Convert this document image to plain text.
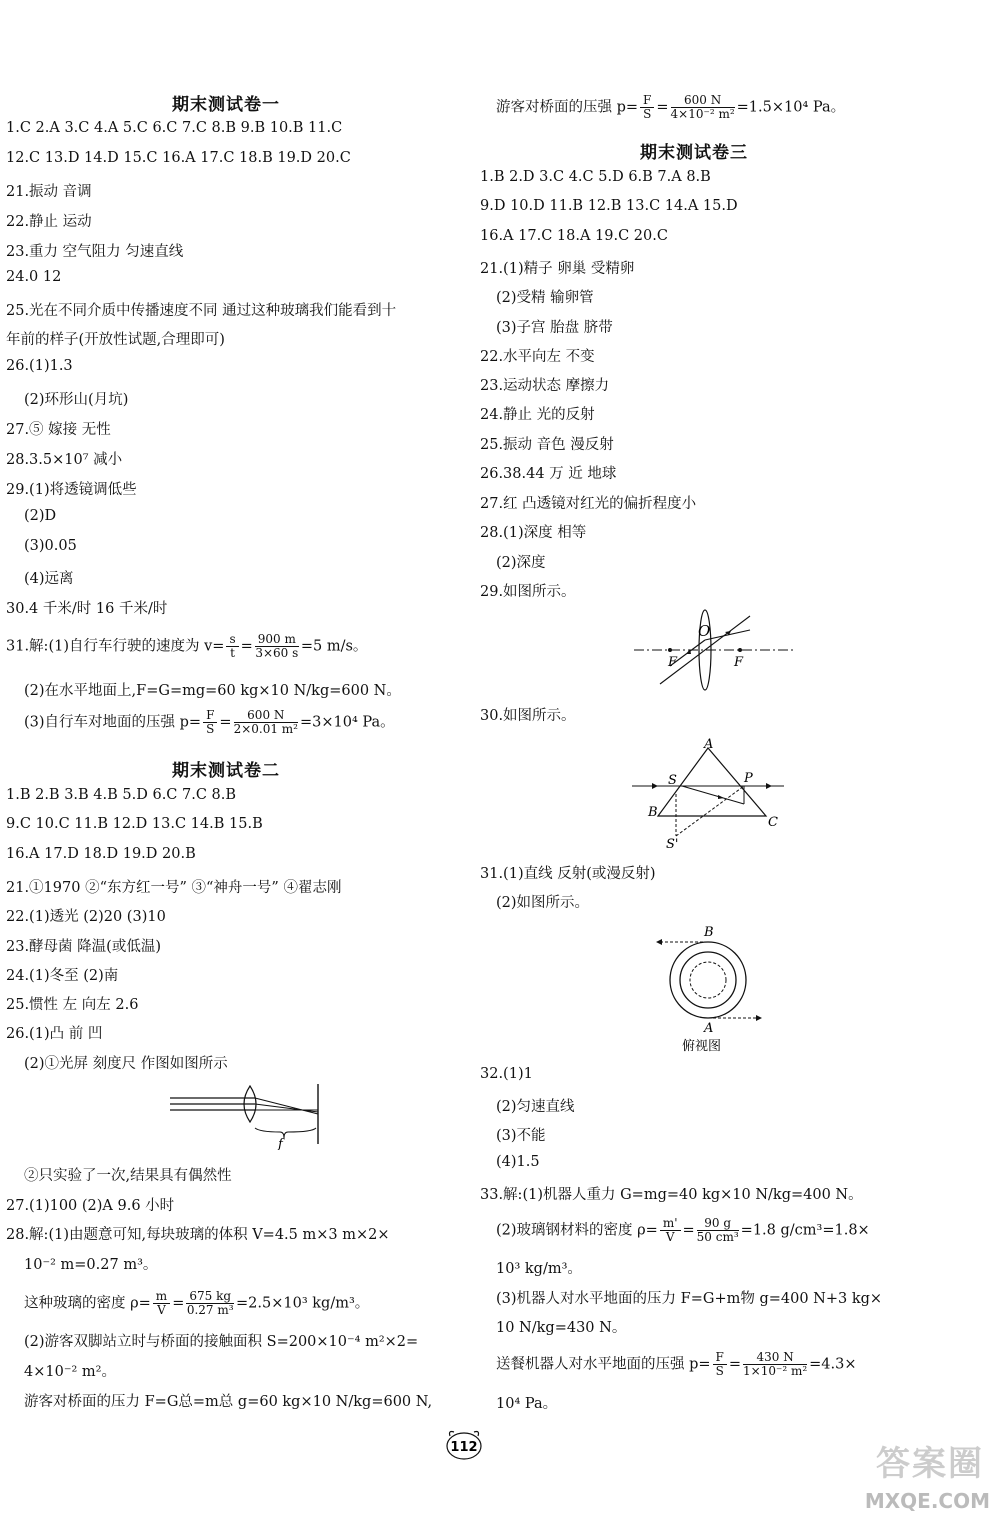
期末测试卷一
1.C 2.A 3.C 4.A 5.C 6.C 7.C 8.B 9.B 10.B 11.C
12.C 13.D 14.D 15.C 16.A 17.C 18.B 19.D 20.C
21.振动 音调
22.静止 运动
23.重力 空气阻力 匀速直线
24.0 12
25.光在不同介质中传播速度不同 通过这种玻璃我们能看到十
年前的样子(开放性试题,合理即可)
26.(1)1.3
(2)环形山(月坑)
27.⑤ 嫁接 无性
28.3.5×10⁷ 减小
29.(1)将透镜调低些
(2)D
(3)0.05
(4)远离
30.4 千米/时 16 千米/时
31.解:(1)自行车行驶的速度为 $v= \frac{s}{t} = \frac{900 m}{3\times 60 s} =5$ m/s。
(2)在水平地面上,F=G=mg=60 kg×10 N/kg=600 N。
(3)自行车对地面的压强 $p= \frac{F}{S} = \frac{600 N}{\text{2×0.01 m²}} =3\times 10^4$ Pa。
期末测试卷二
1.B 2.B 3.B 4.B 5.D 6.C 7.C 8.B
9.C 10.C 11.B 12.D 13.C 14.B 15.B
16.A 17.D 18.D 19.D 20.B
21.①1970 ②“东方红一号” ③“神舟一号” ④翟志刚
22.(1)透光 (2)20 (3)10
23.酵母菌 降温(或低温)
24.(1)冬至 (2)南
25.惯性 左 向左 2.6
26.(1)凸 前 凹
(2)①光屏 刻度尺 作图如图所示
f
②只实验了一次,结果具有偶然性
27.(1)100 (2)A 9.6 小时
28.解:(1)由题意可知,每块玻璃的体积 V=4.5 m×3 m×2×
10⁻² m=0.27 m³。
这种玻璃的密度 $\rho= \frac{m}{V} = \frac{675 kg}{\text{0.27 m³}} =2.5\times 10^3$ kg/m³。
(2)游客双脚站立时与桥面的接触面积 S=200×10⁻⁴ m²×2=
4×10⁻² m²。
游客对桥面的压力 F=G总=m总 g=60 kg×10 N/kg=600 N,
游客对桥面的压强 $p= \frac{F}{S} = \frac{600 N}{\text{4×10⁻² m²}} =1.5\times 10^4$ Pa。
期末测试卷三
1.B 2.D 3.C 4.C 5.D 6.B 7.A 8.B
9.D 10.D 11.B 12.B 13.C 14.A 15.D
16.A 17.C 18.A 19.C 20.C
21.(1)精子 卵巢 受精卵
(2)受精 输卵管
(3)子宫 胎盘 脐带
22.水平向左 不变
23.运动状态 摩擦力
24.静止 光的反射
25.振动 音色 漫反射
26.38.44 万 近 地球
27.红 凸透镜对红光的偏折程度小
28.(1)深度 相等
(2)深度
29.如图所示。
F
O
F
30.如图所示。
A
B
C
S	P
S'
31.(1)直线 反射(或漫反射)
(2)如图所示。
B
A
俯视图
32.(1)1
(2)匀速直线
(3)不能
(4)1.5
33.解:(1)机器人重力 G=mg=40 kg×10 N/kg=400 N。
(2)玻璃钢材料的密度 $\rho= \frac{m'}{V} = \frac{90 g}{\text{50 cm³}} =1.8$ g/cm³=1.8×
10³ kg/m³。
(3)机器人对水平地面的压力 F=G+m物 g=400 N+3 kg×
10 N/kg=430 N。
送餐机器人对水平地面的压强 $p= \frac{F}{S} = \frac{430 N}{\text{1×10⁻² m²}} =4.3\times$
10⁴ Pa。
112	答案圈
MXQE.COM
